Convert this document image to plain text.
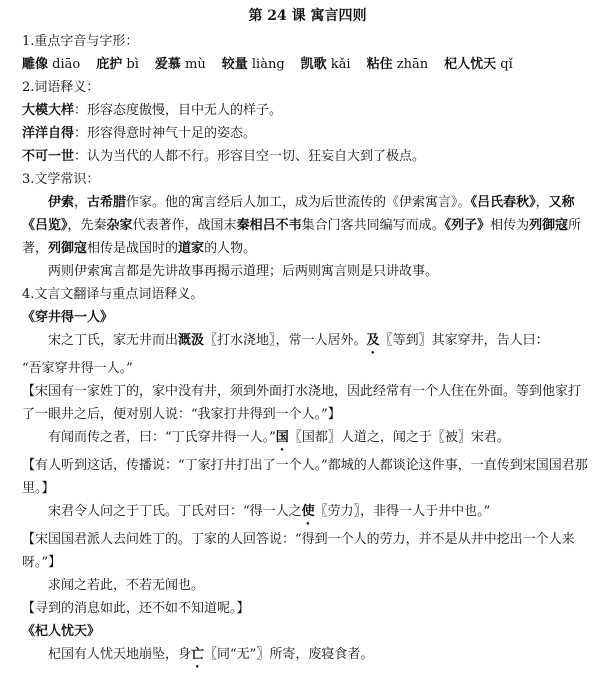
第 24 课 寓言四则
1.重点字音与字形：
雕像 diāo 庇护 bì 爱慕 mù 较量 liàng 凯歌 kǎi 粘住 zhān 杞人忧天 qǐ
2.词语释义：
大模大样：形容态度傲慢，目中无人的样子。
洋洋自得：形容得意时神气十足的姿态。
不可一世：认为当代的人都不行。形容目空一切、狂妄自大到了极点。
3.文学常识：
伊索，古希腊作家。他的寓言经后人加工，成为后世流传的《伊索寓言》。《吕氏春秋》，又称《吕览》，先秦杂家代表著作，战国末秦相吕不韦集合门客共同编写而成。《列子》相传为列御寇所著，列御寇相传是战国时的道家的人物。
两则伊索寓言都是先讲故事再揭示道理；后两则寓言则是只讲故事。
4.文言文翻译与重点词语释义。
《穿井得一人》
宋之丁氏，家无井而出溉汲〖打水浇地〗，常一人居外。及〖等到〗其家穿井，告人曰：
“吾家穿井得一人。”
【宋国有一家姓丁的，家中没有井，须到外面打水浇地，因此经常有一个人住在外面。等到他家打了一眼井之后，便对别人说：“我家打井得到一个人。”】
有闻而传之者，曰：“丁氏穿井得一人。”国〖国都〗人道之，闻之于〖被〗宋君。
【有人听到这话，传播说：“丁家打井打出了一个人。”都城的人都谈论这件事，一直传到宋国国君那里。】
宋君令人问之于丁氏。丁氏对曰：“得一人之使〖劳力〗，非得一人于井中也。”
【宋国国君派人去问姓丁的。丁家的人回答说：“得到一个人的劳力，并不是从井中挖出一个人来呀。”】
求闻之若此，不若无闻也。
【寻到的消息如此，还不如不知道呢。】
《杞人忧天》
杞国有人忧天地崩坠，身亡〖同“无”〗所寄，废寝食者。
